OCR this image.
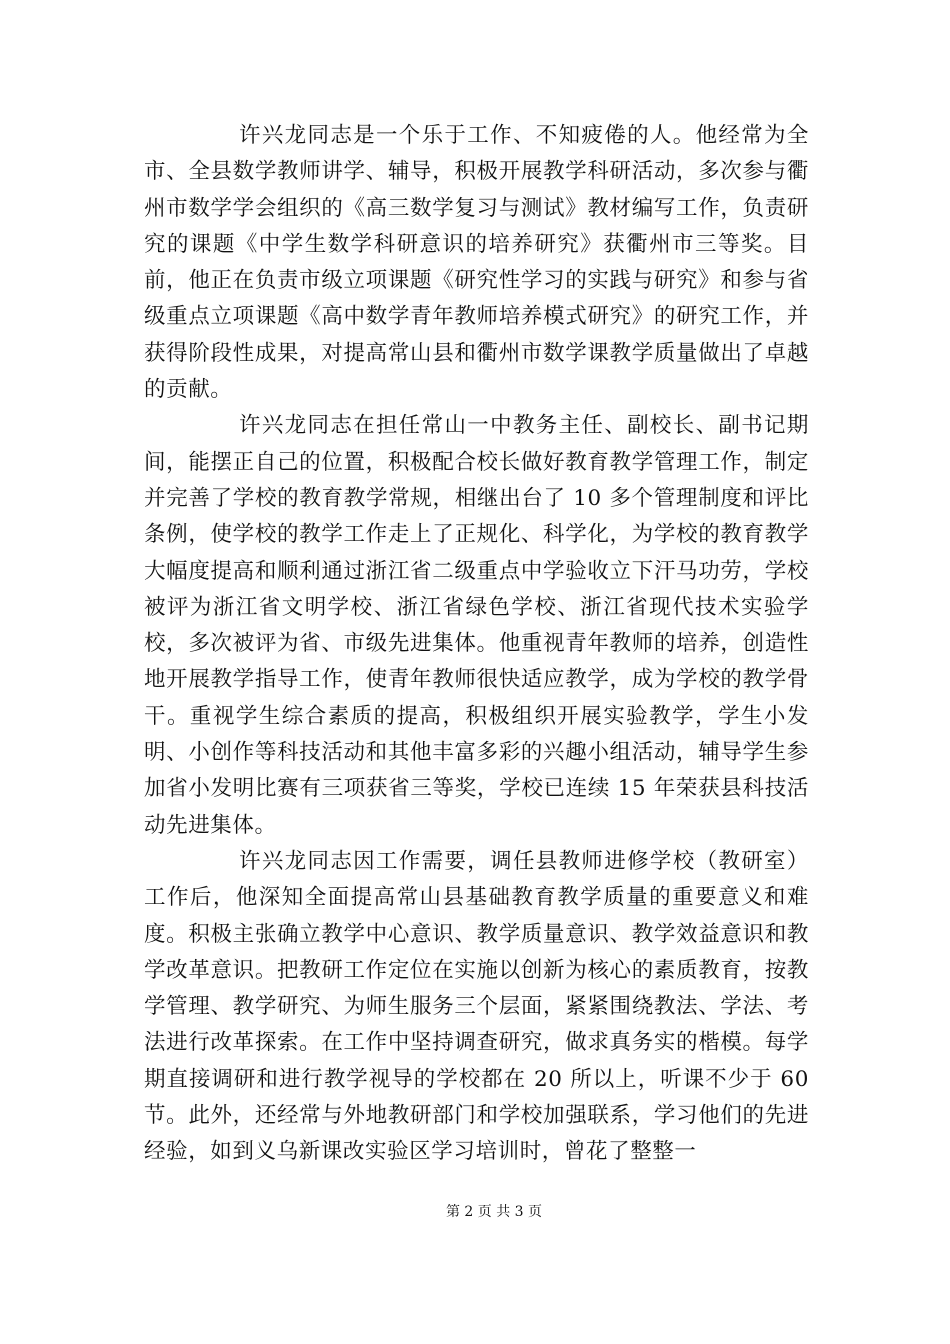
许兴龙同志是一个乐于工作、不知疲倦的人。他经常为全市、全县数学教师讲学、辅导，积极开展教学科研活动，多次参与衢州市数学学会组织的《高三数学复习与测试》教材编写工作，负责研究的课题《中学生数学科研意识的培养研究》获衢州市三等奖。目前，他正在负责市级立项课题《研究性学习的实践与研究》和参与省级重点立项课题《高中数学青年教师培养模式研究》的研究工作，并获得阶段性成果，对提高常山县和衢州市数学课教学质量做出了卓越的贡献。

许兴龙同志在担任常山一中教务主任、副校长、副书记期间，能摆正自己的位置，积极配合校长做好教育教学管理工作，制定并完善了学校的教育教学常规，相继出台了 10 多个管理制度和评比条例，使学校的教学工作走上了正规化、科学化，为学校的教育教学大幅度提高和顺利通过浙江省二级重点中学验收立下汗马功劳，学校被评为浙江省文明学校、浙江省绿色学校、浙江省现代技术实验学校，多次被评为省、市级先进集体。他重视青年教师的培养，创造性地开展教学指导工作，使青年教师很快适应教学，成为学校的教学骨干。重视学生综合素质的提高，积极组织开展实验教学，学生小发明、小创作等科技活动和其他丰富多彩的兴趣小组活动，辅导学生参加省小发明比赛有三项获省三等奖，学校已连续 15 年荣获县科技活动先进集体。

许兴龙同志因工作需要，调任县教师进修学校（教研室）工作后，他深知全面提高常山县基础教育教学质量的重要意义和难度。积极主张确立教学中心意识、教学质量意识、教学效益意识和教学改革意识。把教研工作定位在实施以创新为核心的素质教育，按教学管理、教学研究、为师生服务三个层面，紧紧围绕教法、学法、考法进行改革探索。在工作中坚持调查研究，做求真务实的楷模。每学期直接调研和进行教学视导的学校都在 20 所以上，听课不少于 60 节。此外，还经常与外地教研部门和学校加强联系，学习他们的先进经验，如到义乌新课改实验区学习培训时，曾花了整整一

第 2 页 共 3 页
